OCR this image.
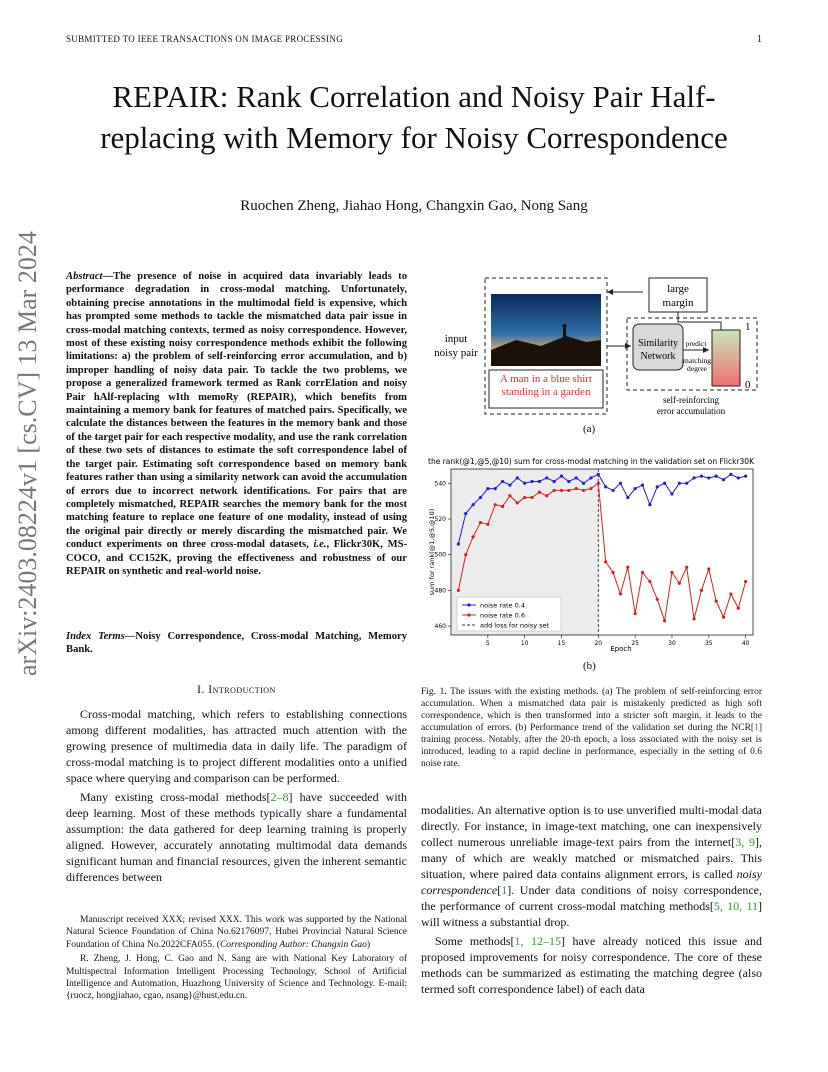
SUBMITTED TO IEEE TRANSACTIONS ON IMAGE PROCESSING	1
REPAIR: Rank Correlation and Noisy Pair Half-replacing with Memory for Noisy Correspondence
Ruochen Zheng, Jiahao Hong, Changxin Gao, Nong Sang
arXiv:2403.08224v1 [cs.CV] 13 Mar 2024	Abstract—The presence of noise in acquired data invariably leads to performance degradation in cross-modal matching. Unfortunately, obtaining precise annotations in the multimodal field is expensive, which has prompted some methods to tackle the mismatched data pair issue in cross-modal matching contexts, termed as noisy correspondence. However, most of these existing noisy correspondence methods exhibit the following limitations: a) the problem of self-reinforcing error accumulation, and b) improper handling of noisy data pair. To tackle the two problems, we propose a generalized framework termed as Rank corrElation and noisy Pair hAlf-replacing wIth memoRy (REPAIR), which benefits from maintaining a memory bank for features of matched pairs. Specifically, we calculate the distances between the features in the memory bank and those of the target pair for each respective modality, and use the rank correlation of these two sets of distances to estimate the soft correspondence label of the target pair. Estimating soft correspondence based on memory bank features rather than using a similarity network can avoid the accumulation of errors due to incorrect network identifications. For pairs that are completely mismatched, REPAIR searches the memory bank for the most matching feature to replace one feature of one modality, instead of using the original pair directly or merely discarding the mismatched pair. We conduct experiments on three cross-modal datasets, i.e., Flickr30K, MS-COCO, and CC152K, proving the effectiveness and robustness of our REPAIR on synthetic and real-world noise.
Index Terms—Noisy Correspondence, Cross-modal Matching, Memory Bank.
I. Introduction

Cross-modal matching, which refers to establishing connections among different modalities, has attracted much attention with the growing presence of multimedia data in daily life. The paradigm of cross-modal matching is to project different modalities onto a unified space where querying and comparison can be performed.

Many existing cross-modal methods[2–8] have succeeded with deep learning. Most of these methods typically share a fundamental assumption: the data gathered for deep learning training is properly aligned. However, accurately annotating multimodal data demands significant human and financial resources, given the inherent semantic differences between

Manuscript received XXX; revised XXX. This work was supported by the National Natural Science Foundation of China No.62176097, Hubei Provincial Natural Science Foundation of China No.2022CFA055. (Corresponding Author: Changxin Gao)

R. Zheng, J. Hong, C. Gao and N. Sang are with National Key Laboratory of Multispectral Information Intelligent Processing Technology, School of Artificial Intelligence and Automation, Huazhong University of Science and Technology. E-mail: {ruocz, hongjiahao, cgao, nsang}@hust.edu.cn.

input
noisy pair
A man in a blue shirt standing in a garden
large
margin
Similarity
Network
predict
matching
degree
1
0
self-reinforcing
error accumulation
(a)
the rank(@1,@5,@10) sum for cross-modal matching in the validation set on Flickr30K
sum for rank(@1,@5,@10)
Epoch
5	10	15	20	25	30	35	40
460
480
500
520
540
noise rate 0.4
noise rate 0.6
add loss for noisy set
(b)
Fig. 1. The issues with the existing methods. (a) The problem of self-reinforcing error accumulation. When a mismatched data pair is mistakenly predicted as high soft correspondence, which is then transformed into a stricter soft margin, it leads to the accumulation of errors. (b) Performance trend of the validation set during the NCR[1] training process. Notably, after the 20-th epoch, a loss associated with the noisy set is introduced, leading to a rapid decline in performance, especially in the setting of 0.6 noise rate.

modalities. An alternative option is to use unverified multi-modal data directly. For instance, in image-text matching, one can inexpensively collect numerous unreliable image-text pairs from the internet[3, 9], many of which are weakly matched or mismatched pairs. This situation, where paired data contains alignment errors, is called noisy correspondence[1]. Under data conditions of noisy correspondence, the performance of current cross-modal matching methods[5, 10, 11] will witness a substantial drop.

Some methods[1, 12–15] have already noticed this issue and proposed improvements for noisy correspondence. The core of these methods can be summarized as estimating the matching degree (also termed soft correspondence label) of each data
